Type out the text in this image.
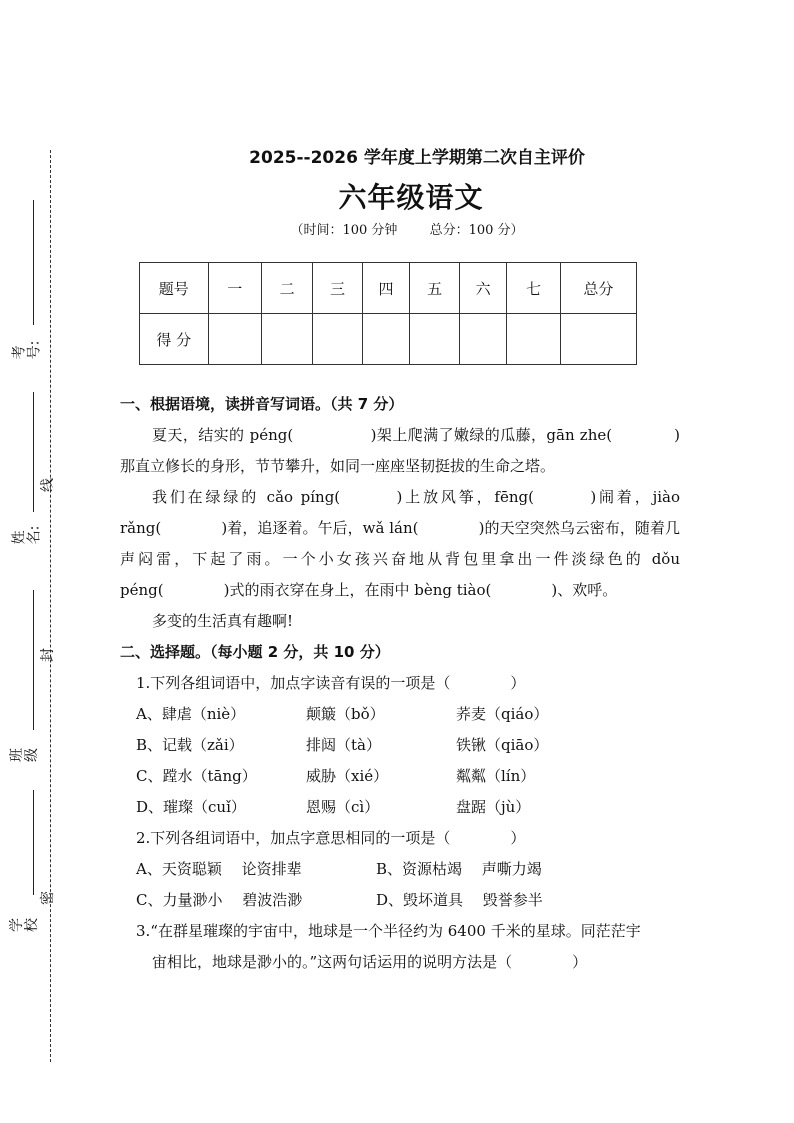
考号:
线
姓名:
封
班级
学校
密
2025--2026 学年度上学期第二次自主评价
六年级语文
（时间：100 分钟 总分：100 分）
题号	一	二	三	四	五	六	七	总分
得 分								

一、根据语境，读拼音写词语。（共 7 分）

夏天，结实的 péng(　　　　　)架上爬满了嫩绿的瓜藤，gān zhe(　　　　)那直立修长的身形，节节攀升，如同一座座坚韧挺拔的生命之塔。

我们在绿绿的 cǎo píng(　　　)上放风筝，fēng(　　　)闹着，jiào rǎng(　　　　)着，追逐着。午后，wǎ lán(　　　　)的天空突然乌云密布，随着几声闷雷，下起了雨。一个小女孩兴奋地从背包里拿出一件淡绿色的 dǒu péng(　　　　)式的雨衣穿在身上，在雨中 bèng tiào(　　　　)、欢呼。

多变的生活真有趣啊!

二、选择题。（每小题 2 分，共 10 分）

1.下列各组词语中，加点字读音有误的一项是（　　　　）

A、肆虐（niè）	颠簸（bǒ）	荞麦（qiáo）
B、记载（zǎi）	排闼（tà）	铁锹（qiāo）
C、蹚水（tāng）	威胁（xié）	粼粼（lín）
D、璀璨（cuǐ）	恩赐（cì）	盘踞（jù）

2.下列各组词语中，加点字意思相同的一项是（　　　　）

A、天资聪颖　 论资排辈	B、资源枯竭　 声嘶力竭
C、力量渺小　 碧波浩渺	D、毁坏道具　 毁誉参半

3.“在群星璀璨的宇宙中，地球是一个半径约为 6400 千米的星球。同茫茫宇

宙相比，地球是渺小的。”这两句话运用的说明方法是（　　　　）
